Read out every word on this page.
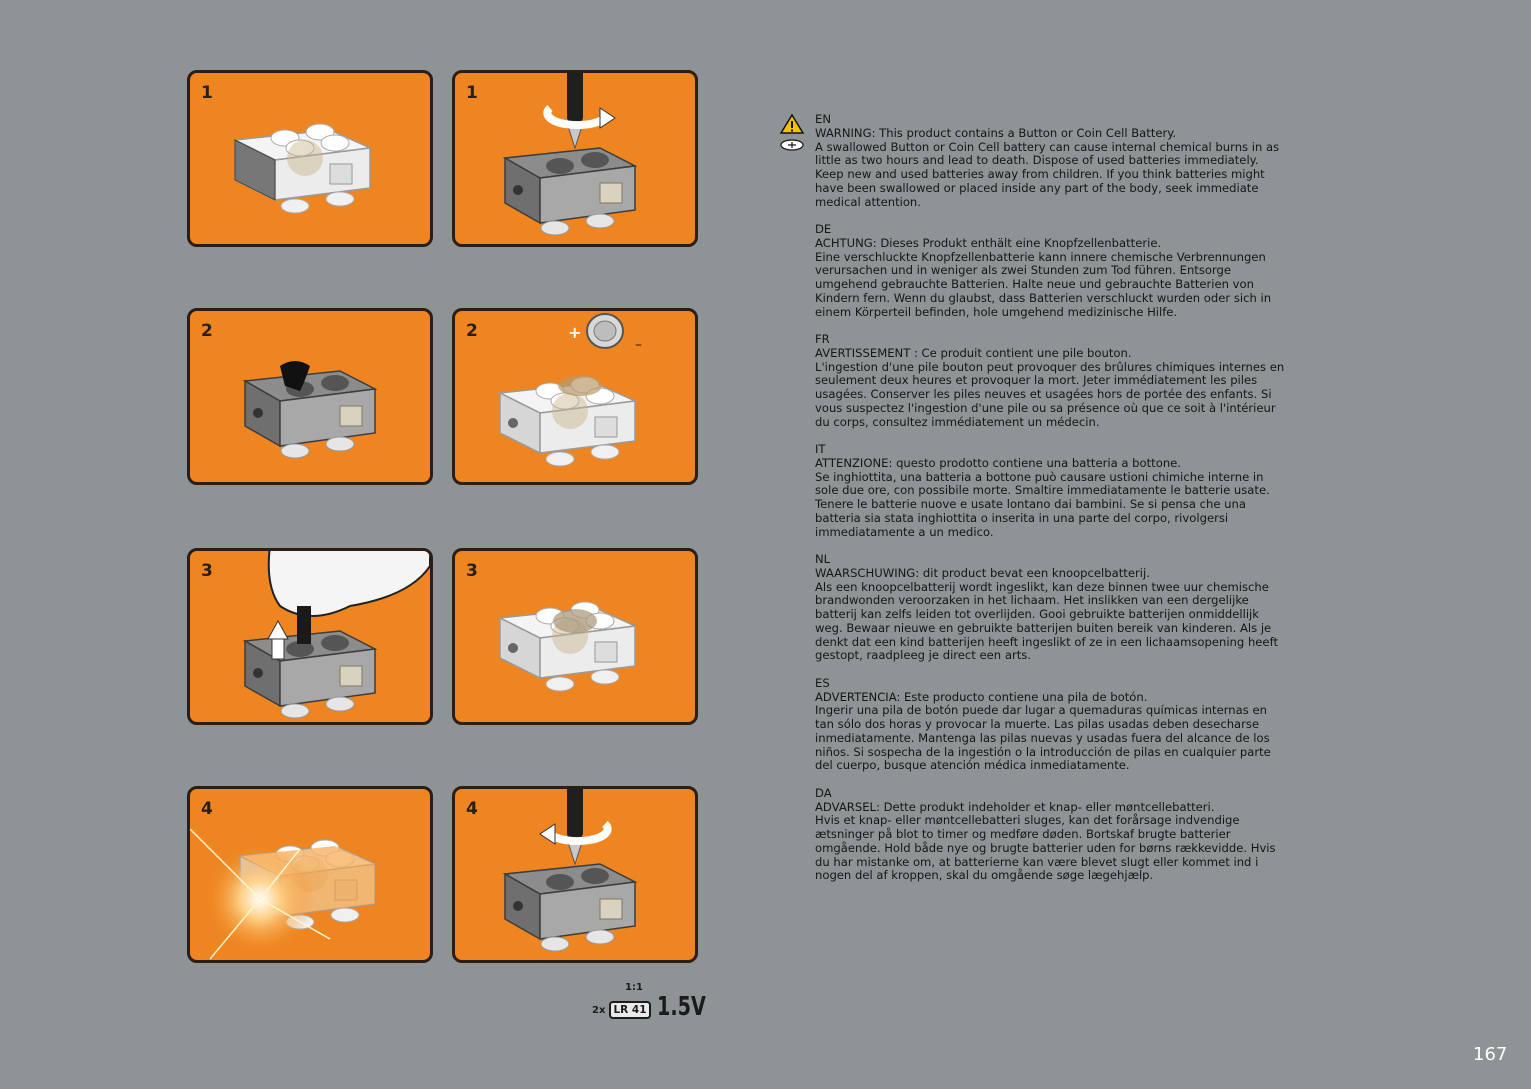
1	1
2	2	+
–
3	3
4	4
EN

WARNING: This product contains a Button or Coin Cell Battery.

A swallowed Button or Coin Cell battery can cause internal chemical burns in as little as two hours and lead to death. Dispose of used batteries immediately. Keep new and used batteries away from children. If you think batteries might have been swallowed or placed inside any part of the body, seek immediate medical attention.

DE

ACHTUNG: Dieses Produkt enthält eine Knopfzellenbatterie.

Eine verschluckte Knopfzellenbatterie kann innere chemische Verbrennungen verursachen und in weniger als zwei Stunden zum Tod führen. Entsorge umgehend gebrauchte Batterien. Halte neue und gebrauchte Batterien von Kindern fern. Wenn du glaubst, dass Batterien verschluckt wurden oder sich in einem Körperteil befinden, hole umgehend medizinische Hilfe.

FR

AVERTISSEMENT : Ce produit contient une pile bouton.

L'ingestion d'une pile bouton peut provoquer des brûlures chimiques internes en seulement deux heures et provoquer la mort. Jeter immédiatement les piles usagées. Conserver les piles neuves et usagées hors de portée des enfants. Si vous suspectez l'ingestion d'une pile ou sa présence où que ce soit à l'intérieur du corps, consultez immédiatement un médecin.

IT

ATTENZIONE: questo prodotto contiene una batteria a bottone.

Se inghiottita, una batteria a bottone può causare ustioni chimiche interne in sole due ore, con possibile morte. Smaltire immediatamente le batterie usate. Tenere le batterie nuove e usate lontano dai bambini. Se si pensa che una batteria sia stata inghiottita o inserita in una parte del corpo, rivolgersi immediatamente a un medico.

NL

WAARSCHUWING: dit product bevat een knoopcelbatterij.

Als een knoopcelbatterij wordt ingeslikt, kan deze binnen twee uur chemische brandwonden veroorzaken in het lichaam. Het inslikken van een dergelijke batterij kan zelfs leiden tot overlijden. Gooi gebruikte batterijen onmiddellijk weg. Bewaar nieuwe en gebruikte batterijen buiten bereik van kinderen. Als je denkt dat een kind batterijen heeft ingeslikt of ze in een lichaamsopening heeft gestopt, raadpleeg je direct een arts.

ES

ADVERTENCIA: Este producto contiene una pila de botón.

Ingerir una pila de botón puede dar lugar a quemaduras químicas internas en tan sólo dos horas y provocar la muerte. Las pilas usadas deben desecharse inmediatamente. Mantenga las pilas nuevas y usadas fuera del alcance de los niños. Si sospecha de la ingestión o la introducción de pilas en cualquier parte del cuerpo, busque atención médica inmediatamente.

DA

ADVARSEL: Dette produkt indeholder et knap- eller møntcellebatteri.

Hvis et knap- eller møntcellebatteri sluges, kan det forårsage indvendige ætsninger på blot to timer og medføre døden. Bortskaf brugte batterier omgående. Hold både nye og brugte batterier uden for børns rækkevidde. Hvis du har mistanke om, at batterierne kan være blevet slugt eller kommet ind i nogen del af kroppen, skal du omgående søge lægehjælp.

1:1
2x LR 41 1.5V
167
